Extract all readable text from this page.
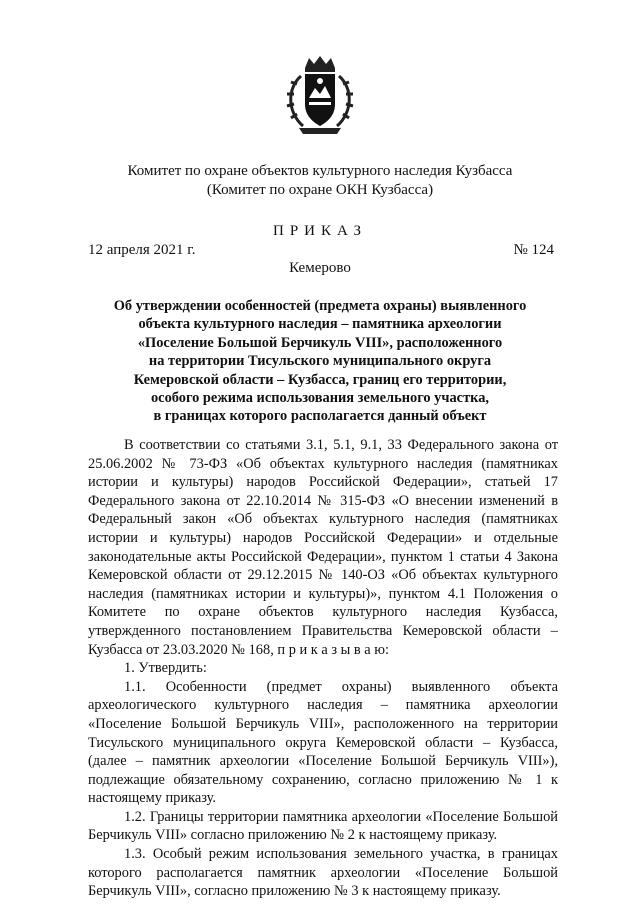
Комитет по охране объектов культурного наследия Кузбасса
(Комитет по охране ОКН Кузбасса)
ПРИКАЗ
12 апреля 2021 г.	№ 124
Кемерово
Об утверждении особенностей (предмета охраны) выявленного
объекта культурного наследия – памятника археологии
«Поселение Большой Берчикуль VIII», расположенного
на территории Тисульского муниципального округа
Кемеровской области – Кузбасса, границ его территории,
особого режима использования земельного участка,
в границах которого располагается данный объект

В соответствии со статьями 3.1, 5.1, 9.1, 33 Федерального закона от 25.06.2002 № 73-ФЗ «Об объектах культурного наследия (памятниках истории и культуры) народов Российской Федерации», статьей 17 Федерального закона от 22.10.2014 № 315-ФЗ «О внесении изменений в Федеральный закон «Об объектах культурного наследия (памятниках истории и культуры) народов Российской Федерации» и отдельные законодательные акты Российской Федерации», пунктом 1 статьи 4 Закона Кемеровской области от 29.12.2015 № 140-ОЗ «Об объектах культурного наследия (памятниках истории и культуры)», пунктом 4.1 Положения о Комитете по охране объектов культурного наследия Кузбасса, утвержденного постановлением Правительства Кемеровской области – Кузбасса от 23.03.2020 № 168, п р и к а з ы в а ю:

1. Утвердить:

1.1. Особенности (предмет охраны) выявленного объекта археологического культурного наследия – памятника археологии «Поселение Большой Берчикуль VIII», расположенного на территории Тисульского муниципального округа Кемеровской области – Кузбасса, (далее – памятник археологии «Поселение Большой Берчикуль VIII»), подлежащие обязательному сохранению, согласно приложению № 1 к настоящему приказу.

1.2. Границы территории памятника археологии «Поселение Большой Берчикуль VIII» согласно приложению № 2 к настоящему приказу.

1.3. Особый режим использования земельного участка, в границах которого располагается памятник археологии «Поселение Большой Берчикуль VIII», согласно приложению № 3 к настоящему приказу.
